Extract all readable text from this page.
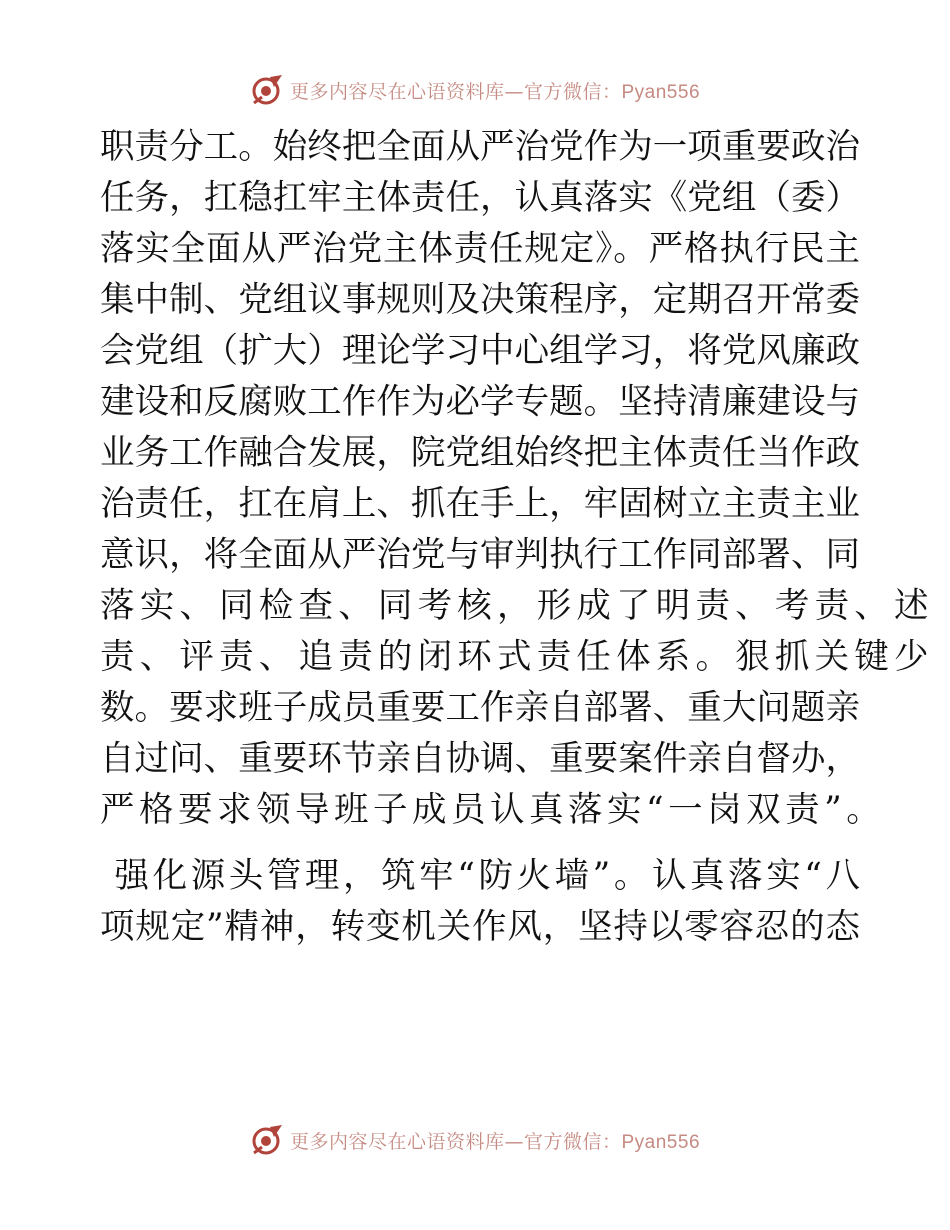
更多内容尽在心语资料库—官方微信：Pyan556
职责分工。始终把全面从严治党作为一项重要政治
任务，扛稳扛牢主体责任，认真落实《党组（委）
落实全面从严治党主体责任规定》。严格执行民主
集中制、党组议事规则及决策程序，定期召开常委
会党组（扩大）理论学习中心组学习，将党风廉政
建设和反腐败工作作为必学专题。坚持清廉建设与
业务工作融合发展，院党组始终把主体责任当作政
治责任，扛在肩上、抓在手上，牢固树立主责主业
意识，将全面从严治党与审判执行工作同部署、同
落实、同检查、同考核，形成了明责、考责、述
责、评责、追责的闭环式责任体系。狠抓关键少
数。要求班子成员重要工作亲自部署、重大问题亲
自过问、重要环节亲自协调、重要案件亲自督办，
严格要求领导班子成员认真落实“一岗双责”。
强化源头管理，筑牢“防火墙”。认真落实“八
项规定”精神，转变机关作风，坚持以零容忍的态
更多内容尽在心语资料库—官方微信：Pyan556
